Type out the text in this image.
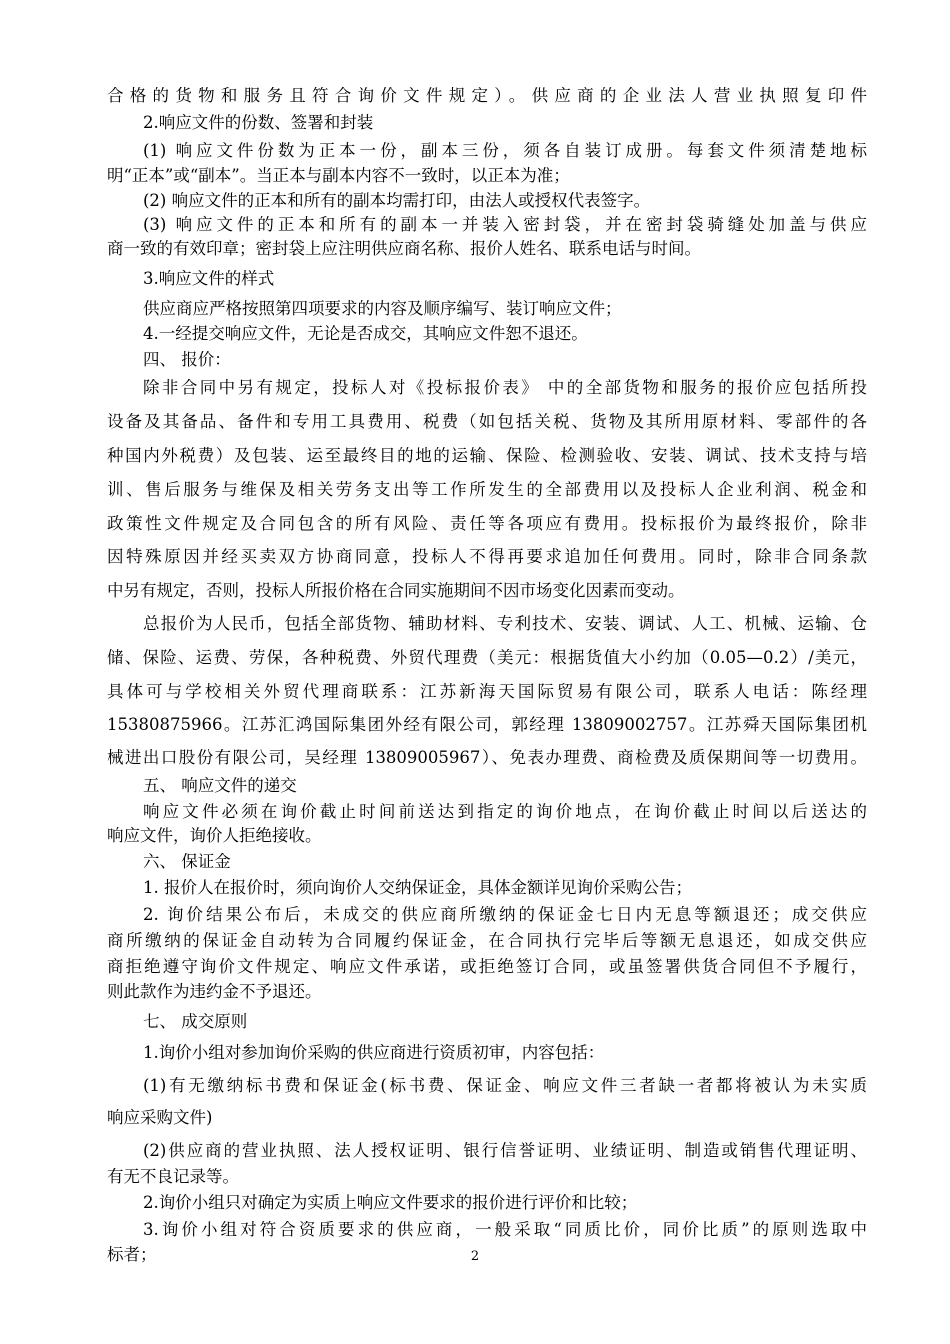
合格的货物和服务且符合询价文件规定）。供应商的企业法人营业执照复印件
2.响应文件的份数、签署和封装
(1) 响应文件份数为正本一份，副本三份，须各自装订成册。每套文件须清楚地标
明“正本”或“副本”。当正本与副本内容不一致时，以正本为准；
(2) 响应文件的正本和所有的副本均需打印，由法人或授权代表签字。
(3) 响应文件的正本和所有的副本一并装入密封袋，并在密封袋骑缝处加盖与供应
商一致的有效印章；密封袋上应注明供应商名称、报价人姓名、联系电话与时间。
3.响应文件的样式
供应商应严格按照第四项要求的内容及顺序编写、装订响应文件；
4.一经提交响应文件，无论是否成交，其响应文件恕不退还。
四、 报价：
除非合同中另有规定，投标人对《投标报价表》 中的全部货物和服务的报价应包括所投
设备及其备品、备件和专用工具费用、税费（如包括关税、货物及其所用原材料、零部件的各
种国内外税费）及包装、运至最终目的地的运输、保险、检测验收、安装、调试、技术支持与培
训、售后服务与维保及相关劳务支出等工作所发生的全部费用以及投标人企业利润、税金和
政策性文件规定及合同包含的所有风险、责任等各项应有费用。投标报价为最终报价，除非
因特殊原因并经买卖双方协商同意，投标人不得再要求追加任何费用。同时，除非合同条款
中另有规定，否则，投标人所报价格在合同实施期间不因市场变化因素而变动。
总报价为人民币，包括全部货物、辅助材料、专利技术、安装、调试、人工、机械、运输、仓
储、保险、运费、劳保，各种税费、外贸代理费（美元：根据货值大小约加（0.05—0.2）/美元，
具体可与学校相关外贸代理商联系：江苏新海天国际贸易有限公司，联系人电话：陈经理
15380875966。江苏汇鸿国际集团外经有限公司，郭经理 13809002757。江苏舜天国际集团机
械进出口股份有限公司，吴经理 13809005967）、免表办理费、商检费及质保期间等一切费用。
五、 响应文件的递交
响应文件必须在询价截止时间前送达到指定的询价地点，在询价截止时间以后送达的
响应文件，询价人拒绝接收。
六、 保证金
1. 报价人在报价时，须向询价人交纳保证金，具体金额详见询价采购公告；
2. 询价结果公布后，未成交的供应商所缴纳的保证金七日内无息等额退还；成交供应
商所缴纳的保证金自动转为合同履约保证金，在合同执行完毕后等额无息退还，如成交供应
商拒绝遵守询价文件规定、响应文件承诺，或拒绝签订合同，或虽签署供货合同但不予履行，
则此款作为违约金不予退还。
七、 成交原则
1.询价小组对参加询价采购的供应商进行资质初审，内容包括：
(1)有无缴纳标书费和保证金(标书费、保证金、响应文件三者缺一者都将被认为未实质
响应采购文件)
(2)供应商的营业执照、法人授权证明、银行信誉证明、业绩证明、制造或销售代理证明、
有无不良记录等。
2.询价小组只对确定为实质上响应文件要求的报价进行评价和比较；
3.询价小组对符合资质要求的供应商，一般采取“同质比价，同价比质”的原则选取中
标者；	2
